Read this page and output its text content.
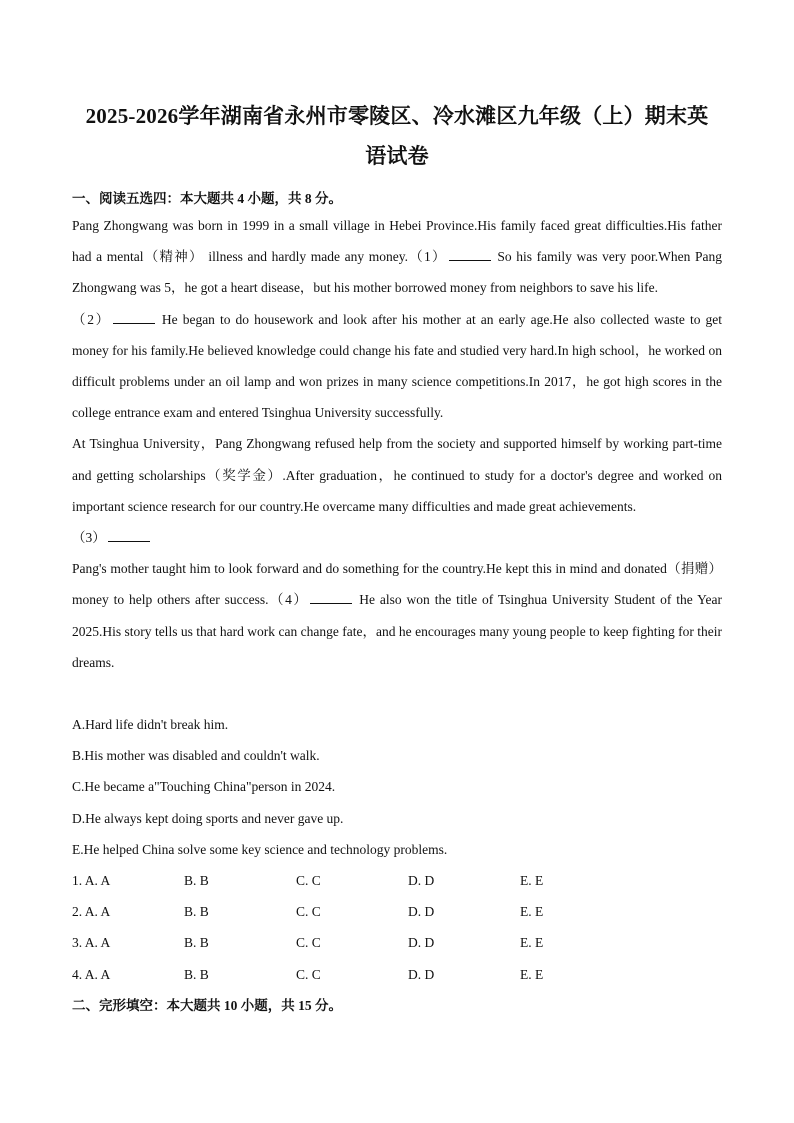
2025-2026学年湖南省永州市零陵区、冷水滩区九年级（上）期末英
语试卷
一、阅读五选四：本大题共 4 小题，共 8 分。

Pang Zhongwang was born in 1999 in a small village in Hebei Province.His family faced great difficulties.His father had a mental（精神） illness and hardly made any money.（1）	So his family was very poor.When Pang Zhongwang was 5，he got a heart disease，but his mother borrowed money from neighbors to save his life.
（2）	He began to do housework and look after his mother at an early age.He also collected waste to get money for his family.He believed knowledge could change his fate and studied very hard.In high school，he worked on difficult problems under an oil lamp and won prizes in many science competitions.In 2017，he got high scores in the college entrance exam and entered Tsinghua University successfully.

At Tsinghua University，Pang Zhongwang refused help from the society and supported himself by working part-time and getting scholarships（奖学金）.After graduation，he continued to study for a doctor's degree and worked on important science research for our country.He overcame many difficulties and made great achievements.
（3）

Pang's mother taught him to look forward and do something for the country.He kept this in mind and donated（捐赠） money to help others after success.（4）	He also won the title of Tsinghua University Student of the Year 2025.His story tells us that hard work can change fate，and he encourages many young people to keep fighting for their dreams.

A.Hard life didn't break him.
B.His mother was disabled and couldn't walk.
C.He became a"Touching China"person in 2024.
D.He always kept doing sports and never gave up.
E.He helped China solve some key science and technology problems.
1. A. A	B. B	C. C	D. D	E. E
2. A. A	B. B	C. C	D. D	E. E
3. A. A	B. B	C. C	D. D	E. E
4. A. A	B. B	C. C	D. D	E. E
二、完形填空：本大题共 10 小题，共 15 分。
